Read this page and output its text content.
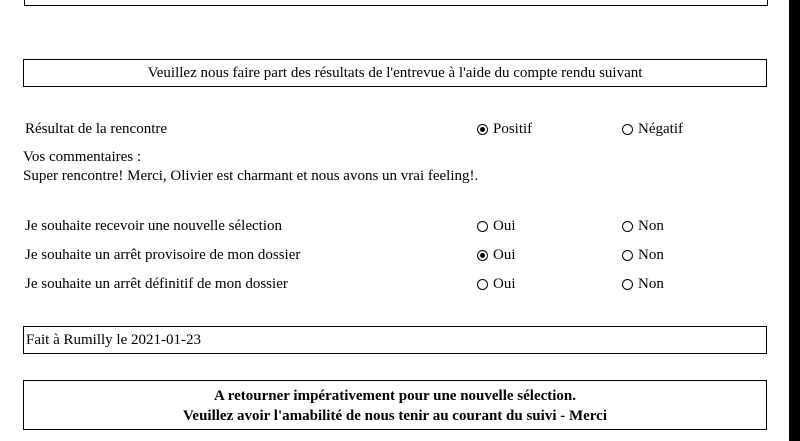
Veuillez nous faire part des résultats de l'entrevue à l'aide du compte rendu suivant
Résultat de la rencontre	Positif	Négatif
Vos commentaires :
Super rencontre! Merci, Olivier est charmant et nous avons un vrai feeling!.
Je souhaite recevoir une nouvelle sélection	Oui	Non
Je souhaite un arrêt provisoire de mon dossier	Oui	Non
Je souhaite un arrêt définitif de mon dossier	Oui	Non
Fait à Rumilly le 2021-01-23
A retourner impérativement pour une nouvelle sélection.
Veuillez avoir l'amabilité de nous tenir au courant du suivi - Merci
